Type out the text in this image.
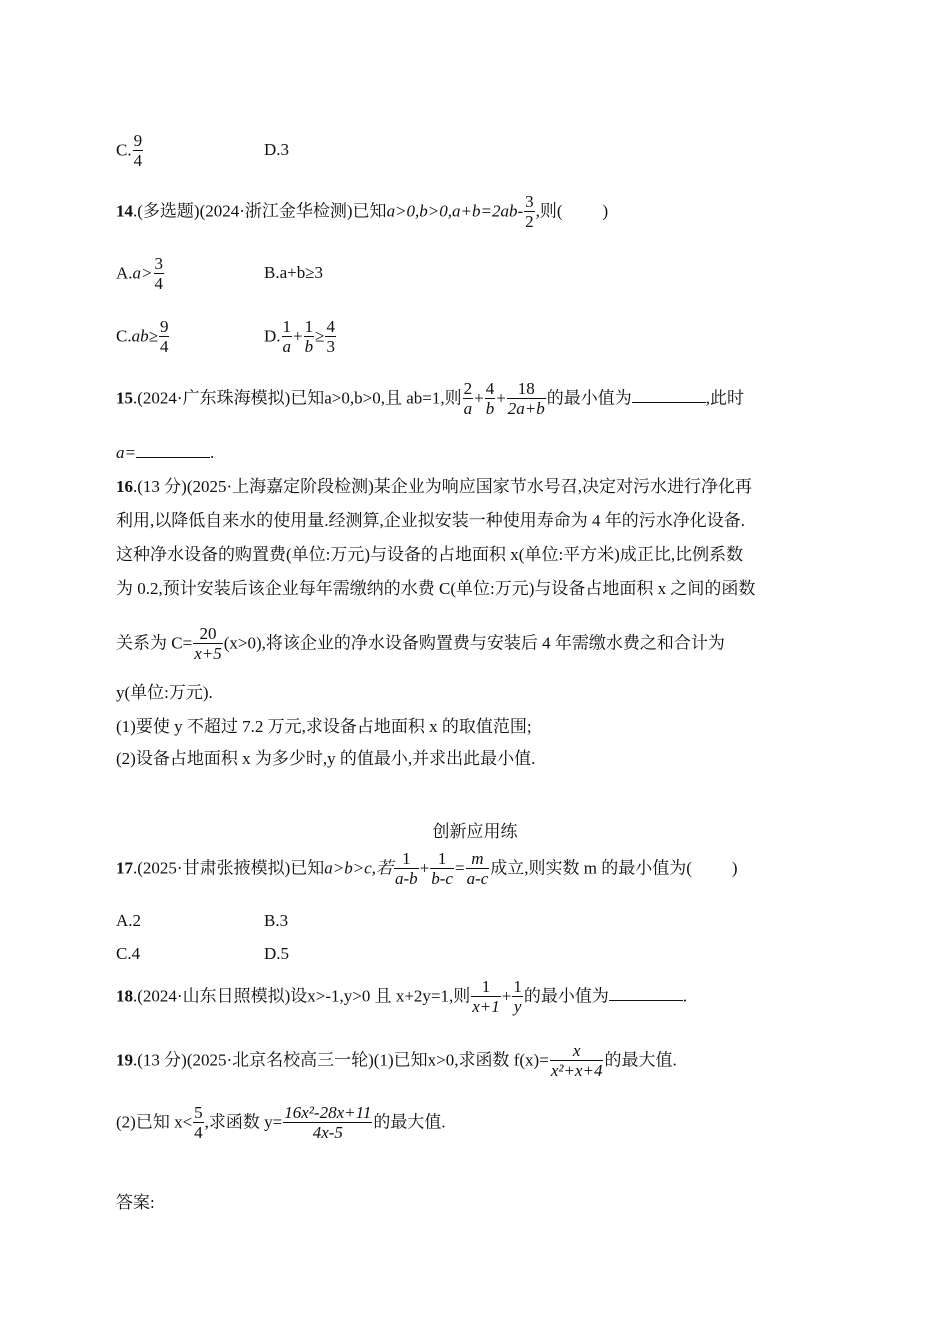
C. $\frac{9}{4}$	D.3
14.(多选题)(2024·浙江金华检测)已知$a>0,b>0,a+b=2ab- \frac{3}{2}$ ,则( )
$A.a> \frac{3}{4}$	B.a+b≥3
$C.ab\ge \frac{9}{4}$	D. $\frac{1}{a} + \frac{1}{b} \ge \frac{4}{3}$
15.(2024·广东珠海模拟)已知a>0,b>0,且 ab=1,则 $\frac{2}{a} + \frac{4}{b} + \frac{18}{2a+b}$ 的最小值为	,此时
a=	.
16.(13 分)(2025·上海嘉定阶段检测)某企业为响应国家节水号召,决定对污水进行净化再
利用,以降低自来水的使用量.经测算,企业拟安装一种使用寿命为 4 年的污水净化设备.
这种净水设备的购置费(单位:万元)与设备的占地面积 x(单位:平方米)成正比,比例系数
为 0.2,预计安装后该企业每年需缴纳的水费 C(单位:万元)与设备占地面积 x 之间的函数
关系为 $C= \frac{20}{x+5} (x>0)$,将该企业的净水设备购置费与安装后 4 年需缴水费之和合计为
y(单位:万元).
(1)要使 y 不超过 7.2 万元,求设备占地面积 x 的取值范围;
(2)设备占地面积 x 为多少时,y 的值最小,并求出此最小值.
创新应用练
17.(2025·甘肃张掖模拟)已知a>b>c,若 $\frac{1}{a-b} + \frac{1}{b-c} = \frac{m}{a-c}$ 成立,则实数 m 的最小值为( )
A.2	B.3
C.4	D.5
18.(2024·山东日照模拟)设x>-1,y>0 且 x+2y=1,则 $\frac{1}{x+1} + \frac{1}{y}$ 的最小值为	.
19.(13 分)(2025·北京名校高三一轮)(1)已知x>0,求函数 $f(x)= \frac{x}{\text{x²+x+4}}$ 的最大值.
(2)已知 $x< \frac{5}{4}$ ,求函数 $y= \frac{\text{16x²-28x+11}}{4x-5}$ 的最大值.
答案:
